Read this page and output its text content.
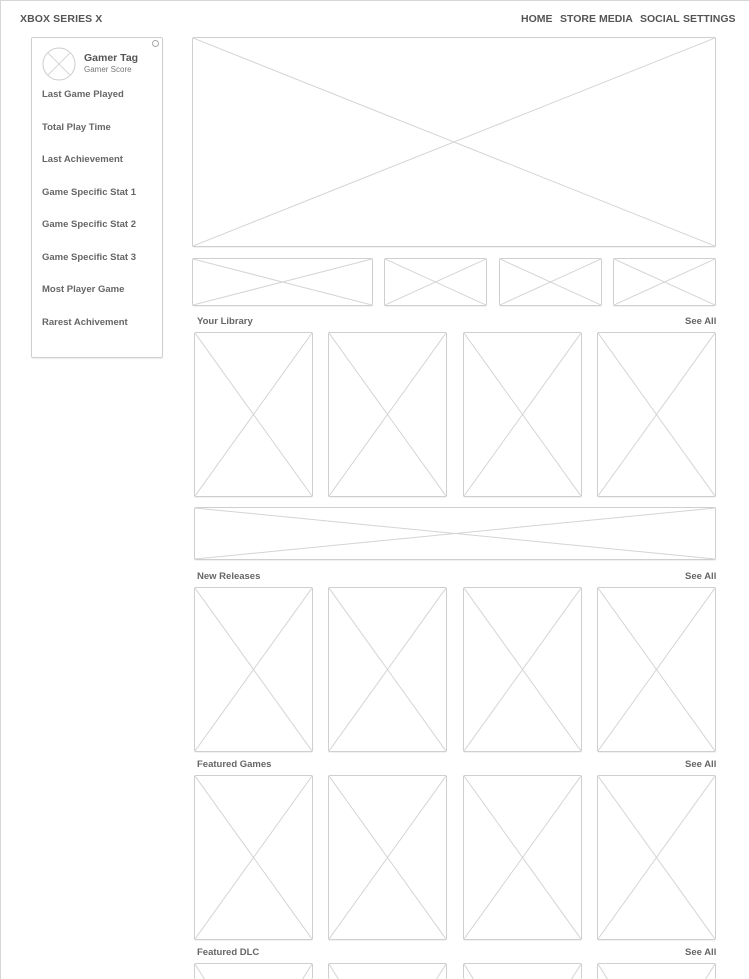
XBOX SERIES X	HOME STORE MEDIA SOCIAL SETTINGS
Gamer Tag
Gamer Score
Last Game Played
Total Play Time
Last Achievement
Game Specific Stat 1
Game Specific Stat 2
Game Specific Stat 3
Most Player Game
Rarest Achivement	Your Library	See All
New Releases	See All
Featured Games	See All
Featured DLC	See All
